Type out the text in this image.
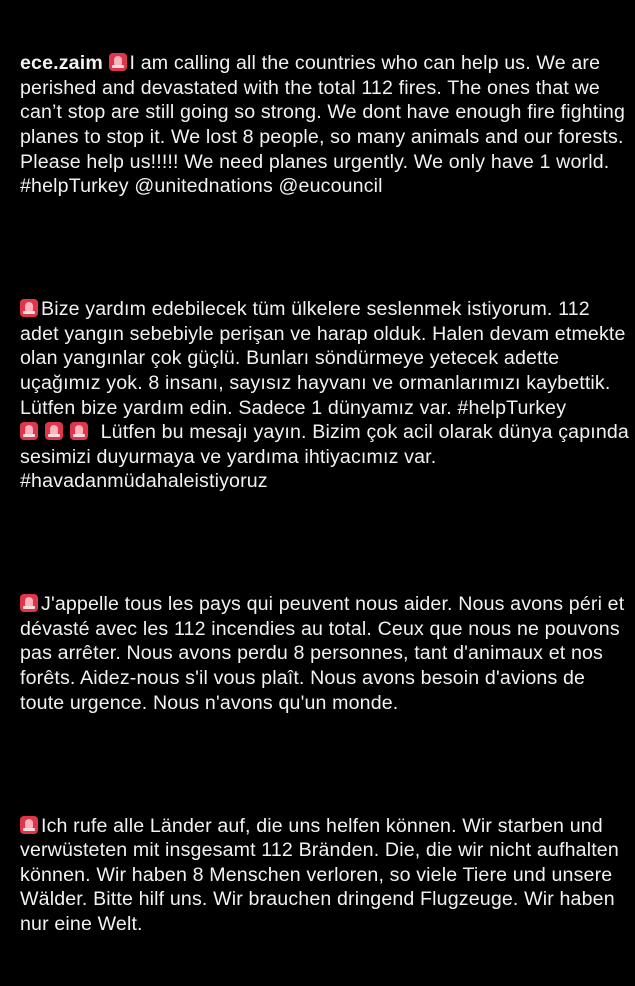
ece.zaim I am calling all the countries who can help us. We are perished and devastated with the total 112 fires. The ones that we can’t stop are still going so strong. We dont have enough fire fighting planes to stop it. We lost 8 people, so many animals and our forests. Please help us!!!!! We need planes urgently. We only have 1 world. #helpTurkey @unitednations @eucouncil

Bize yardım edebilecek tüm ülkelere seslenmek istiyorum. 112 adet yangın sebebiyle perişan ve harap olduk. Halen devam etmekte olan yangınlar çok güçlü. Bunları söndürmeye yetecek adette uçağımız yok. 8 insanı, sayısız hayvanı ve ormanlarımızı kaybettik. Lütfen bize yardım edin. Sadece 1 dünyamız var. #helpTurkey
Lütfen bu mesajı yayın. Bizim çok acil olarak dünya çapında sesimizi duyurmaya ve yardıma ihtiyacımız var. #havadanmüdahaleistiyoruz

J'appelle tous les pays qui peuvent nous aider. Nous avons péri et dévasté avec les 112 incendies au total. Ceux que nous ne pouvons pas arrêter. Nous avons perdu 8 personnes, tant d'animaux et nos forêts. Aidez-nous s'il vous plaît. Nous avons besoin d'avions de toute urgence. Nous n'avons qu'un monde.

Ich rufe alle Länder auf, die uns helfen können. Wir starben und verwüsteten mit insgesamt 112 Bränden. Die, die wir nicht aufhalten können. Wir haben 8 Menschen verloren, so viele Tiere und unsere Wälder. Bitte hilf uns. Wir brauchen dringend Flugzeuge. Wir haben nur eine Welt.
